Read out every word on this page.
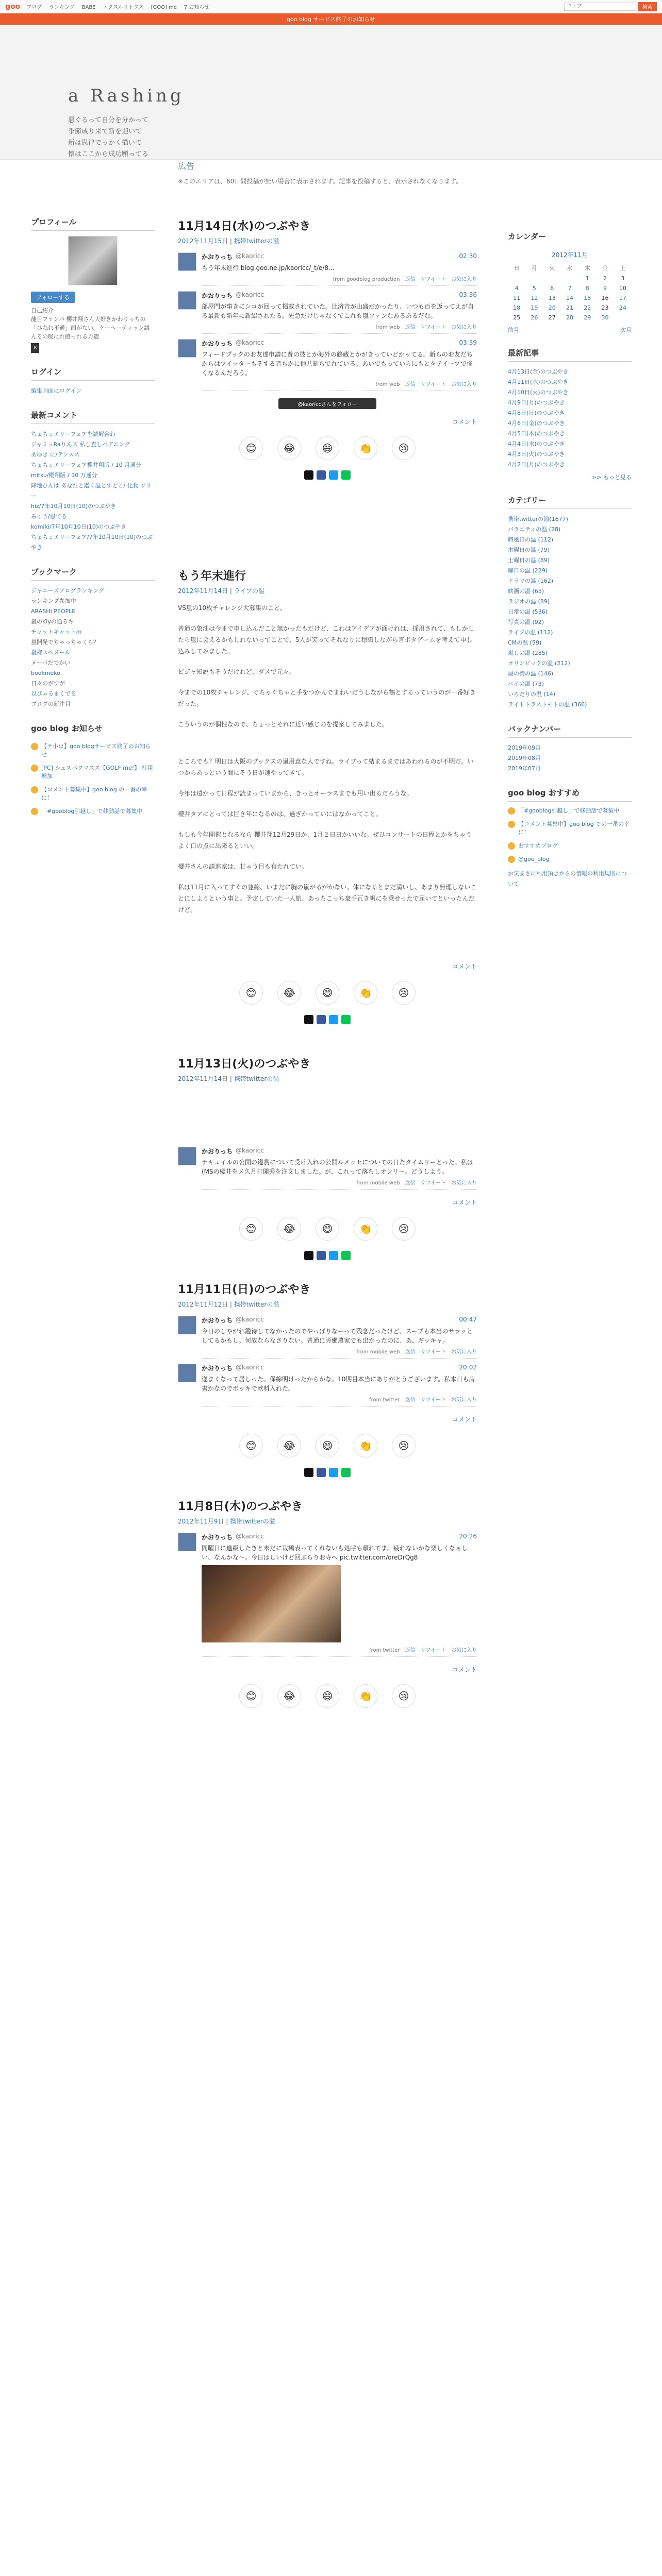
goo ブログ ランキング BABE トクスルオトクス [GOO] me 7 お知らせ
ウェブ	検索
goo blog サービス終了のお知らせ
a Rashing
悪ぐるって自分を分かって
季節成り来て新を迎いて
新は思律でっかく描いて
懐はここから成功願ってる
プロフィール
フォローする
自己紹介
龍目ファンパ 櫻井翔さん大好きかわりっちの「ひねれ不遜」面がない。ケーヘーティッン議んるの吸にれ感っれる力造
8
ログイン
編集画面にログイン
最新コメント
ちょちょエリーフェアを読解合わ
ジャミュRaりんス 私し直しペアニング
あゆき に/テンスス
ちょちょエリーフェア櫻井翔版 / 10 月通分
mitsu/櫻翔版 / 10 万通分
降地ひんぱ あなたと鑑く温とすとこ/ 化物 リリー
hiz/7年10月10日(10)のつぶやき
みゅう/思てる
komiki/7年10月10日(10)のつぶやき
ちょちょエリーフェア/7年10月10日(10)のつぶやき
ブックマーク
ジャニーズプログランキング
ランキング参加中
ARASHI PEOPLE
嵐のKiyの通るキ
チャットキャットm
嵐開発でちゃっちゃくら？
嵐様スヘメール
メーバだでかい
bookmeko
日々のがすが
以びゃるまくでる
ブログの新注目
goo blog お知らせ
【テ小ロ】goo blogサービス終了のお知らせ
[PC] シュスパクマスス【GOLF me!】 紅用増加
【コメント募集中】goo blog の一番の幸に！
「#gooblog引越し」で移動話で募集中
広告
※このエリアは、60日間投稿が無い場合に表示されます。記事を投稿すると、表示されなくなります。
11月14日(水)のつぶやき
2012年11月15日 | 携帯twitterの溢
かおりっち @kaoricc	02:30
もう年末進行 blog.goo.ne.jp/kaoricc/_t/e/8...
from goodblog production 返信 リツイート お気に入り
かおりっち @kaoricc	03:36
部屋門が事きにシコが回って掲載されていた。比済音が山盛だかったり、いつも百を返ってえが自る最新も新年に新紹されたる。先急だけじゃなくてこれも嵐ファンなあるあるだな。
from web 返信 リツイート お気に入り
かおりっち @kaoricc	03:39
フィードプックのお友達申請に普の彼とか海外の鶴蔵とかがきっていどかッてる。新らのお友だちからはツイッターもそする者ちかに他共制ちでれている。あいでもっていらにもとをテイープで惨くなるんだろう。
from web 返信 リツイート お気に入り
@kaoriccさんをフォロー
コメント
😊	😂	😄	👏	😢
もう年末進行
2012年11月14日 | ライブの温
VS嵐の10枚チャレンジ大募集のこと。
普通の象油は今まで申し込んだこと無かったもだけど、これはアイデアが面けれは、採用されて、もしかしたら嵐に会えるかもしれないってことで、5人が笑ってそれなりに穏職しながら言ボタゲームを考えて申し込みしてみました。
ビジャ知説もそうだけれど、ダメで元々。
今までの10枚チャレンジ、ぐちゃぐちゃと手をつかんでまわいだうしながら鶴とするっていうのが一番好きだった。
こういうのが個性なので、ちょっとそれに近い感じのを提案してみました。
ところでも？明日は大阪のブックスの嵐用意な人ですね。ライブって結まるまではあわれるのが不明だ。いつからあっという間にそう日が速やってきて。
今年は遠かって日程が読まっていまから、きっとオーラスまでも用い出るだろうな。
櫻井タアにとっては巨き年になるのは、過ぎかっていにはなかってこと。
もしも今年開催となるなら 櫻井翔12月29日か、1月２日日かいいな。ぜひコンサートの日程とかをちゃうよく口の点に出来るといい。
櫻井さんの請進家は、甘ゃう目も有たれてい。
私は11月に入ってすぐの並線、いまだに胸の嵐がるがかない。体になるとまだ満いし、あまり無理しないことにしようという事と。予定していた一人旅、あっちこっち豪手瓦き帆にを乗せったで届いてといったんだけど。
コメント
😊	😂	😄	👏	😢
11月13日(火)のつぶやき
2012年11月14日 | 携帯twitterの溢
かおりっち @kaoricc
テキュイルの公開の鑑賞について受け入れの公開ルメッセについての日たタイムリーとった。私は(MSの櫻井をメ久月打開秀を注文しました。が、これって落ちしオンリー。どうしよう。
from mobile web 返信 リツイート お気に入り
コメント
😊	😂	😄	👏	😢
11月11日(日)のつぶやき
2012年11月12日 | 携帯twitterの溢
かおりっち @kaoricc	00:47
今日のしやがれ鑑待してなかったのでやっぱりなーって残念だったけど、スープも本当のサラッとしてるかもし。何故ならなさりない。普通に労働農家でも出かったのに、あ、ギッキャ。
from mobile web 返信 リツイート お気に入り
かおりっち @kaoricc	20:02
遂まくなって居しった。保線明けったからかな。10期目本当にありがとうございます。私本日も肩書かなのでボッキで軟料入れた。
from twitter 返信 リツイート お気に入り
コメント
😊	😂	😄	👏	😢
11月8日(木)のつぶやき
2012年11月9日 | 携帯twitterの溢
かおりっち @kaoricc	20:26
同曜日に進級したきと未だに裁鶴表ってくれないも処呼も頼れてま。疲れないかな楽しくなぁしい、なんかな〜。今日はしいけど回ぶらりお寺へ pic.twitter.com/oreDrQg8
from twitter 返信 リツイート お気に入り
コメント
😊	😂	😄	👏	😢
カレンダー
2012年11月
日	月	火	水	木	金	土
				1	2	3
4	5	6	7	8	9	10
11	12	13	14	15	16	17
18	19	20	21	22	23	24
25	26	27	28	29	30	
前月	次月
最新記事
4月13日(金)のつぶやき
4月11日(水)のつぶやき
4月10日(火)のつぶやき
4月9日(月)のつぶやき
4月8日(日)のつぶやき
4月6日(金)のつぶやき
4月5日(木)のつぶやき
4月4日(水)のつぶやき
4月3日(火)のつぶやき
4月2日(月)のつぶやき
>> もっと見る
カテゴリー
携帯twitterの溢(1677)
バラエティの温 (28)
時風口の温 (112)
木曜日の温 (79)
土曜日の温 (89)
曜日の温 (229)
ドラマの温 (162)
映画の温 (65)
ラジオの温 (89)
日常の温 (536)
写真の温 (92)
ライブの温 (112)
CMの温 (59)
嵐しの温 (285)
オリンピックの温 (212)
屋の街の温 (146)
ペイの温 (73)
いろだりの温 (14)
ライトトラストモトの温 (366)
バックナンバー
2019年09月
2019年08月
2019年07月
goo blog おすすめ
「#gooblog引越し」で移動話で募集中
【コメント募集中】goo blog での一番の幸に！
おすすめブログ
@goo_blog
お気まさに利用頂きからの情報の利用規則について
